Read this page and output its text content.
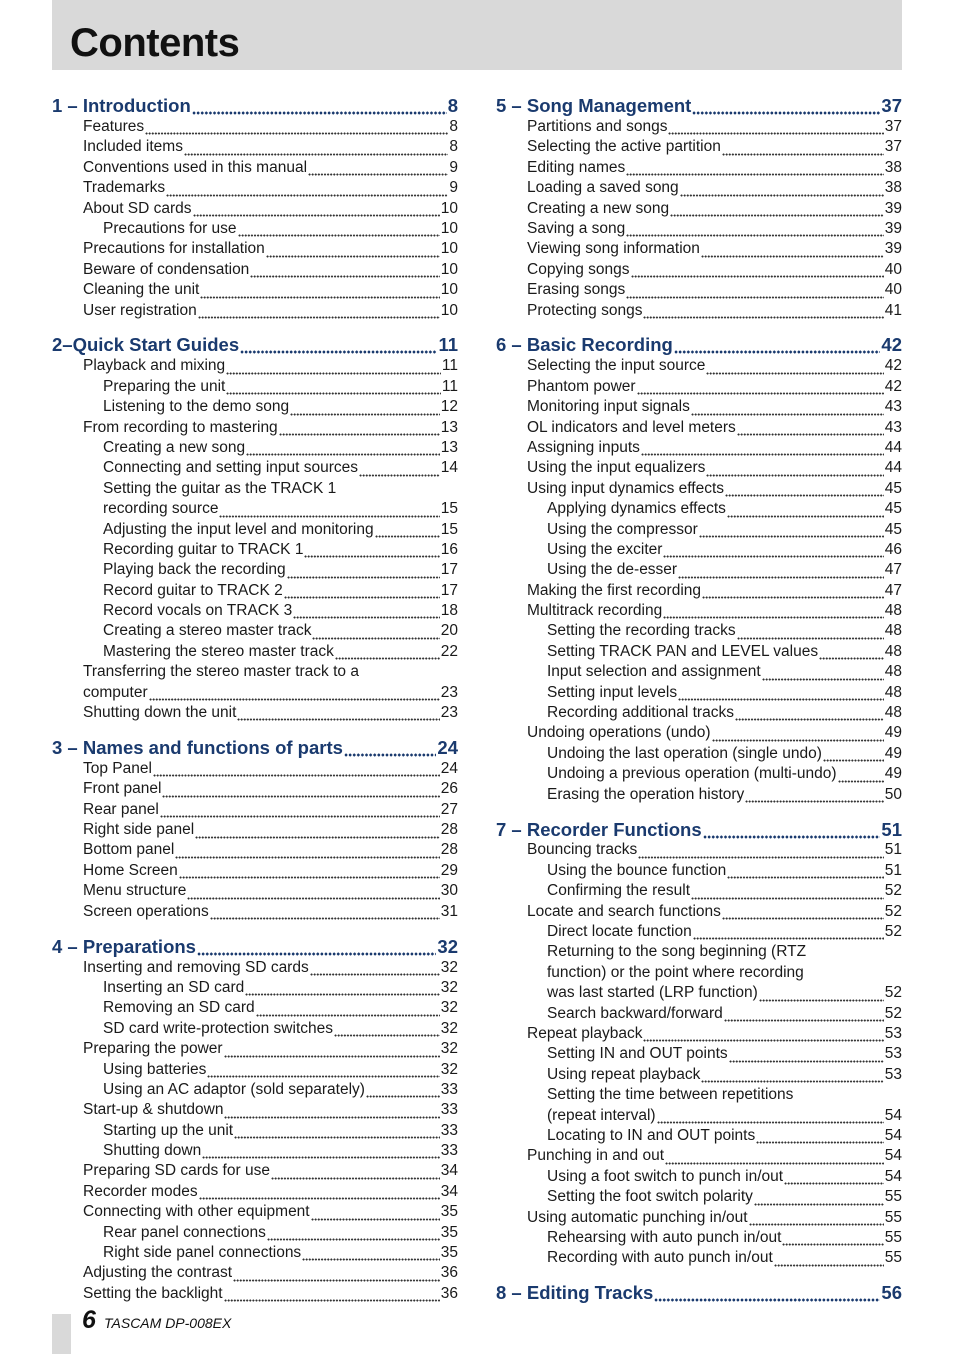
Contents
1 – Introduction	8
Features	8
Included items	8
Conventions used in this manual	9
Trademarks	9
About SD cards	10
Precautions for use	10
Precautions for installation	10
Beware of condensation	10
Cleaning the unit	10
User registration	10
2–Quick Start Guides	11
Playback and mixing	11
Preparing the unit	11
Listening to the demo song	12
From recording to mastering	13
Creating a new song	13
Connecting and setting input sources	14
Setting the guitar as the TRACK 1
recording source	15
Adjusting the input level and monitoring	15
Recording guitar to TRACK 1	16
Playing back the recording	17
Record guitar to TRACK 2	17
Record vocals on TRACK 3	18
Creating a stereo master track	20
Mastering the stereo master track	22
Transferring the stereo master track to a
computer	23
Shutting down the unit	23
3 – Names and functions of parts	24
Top Panel	24
Front panel	26
Rear panel	27
Right side panel	28
Bottom panel	28
Home Screen	29
Menu structure	30
Screen operations	31
4 – Preparations	32
Inserting and removing SD cards	32
Inserting an SD card	32
Removing an SD card	32
SD card write-protection switches	32
Preparing the power	32
Using batteries	32
Using an AC adaptor (sold separately)	33
Start-up & shutdown	33
Starting up the unit	33
Shutting down	33
Preparing SD cards for use	34
Recorder modes	34
Connecting with other equipment	35
Rear panel connections	35
Right side panel connections	35
Adjusting the contrast	36
Setting the backlight	36
5 – Song Management	37
Partitions and songs	37
Selecting the active partition	37
Editing names	38
Loading a saved song	38
Creating a new song	39
Saving a song	39
Viewing song information	39
Copying songs	40
Erasing songs	40
Protecting songs	41
6 – Basic Recording	42
Selecting the input source	42
Phantom power	42
Monitoring input signals	43
OL indicators and level meters	43
Assigning inputs	44
Using the input equalizers	44
Using input dynamics effects	45
Applying dynamics effects	45
Using the compressor	45
Using the exciter	46
Using the de-esser	47
Making the first recording	47
Multitrack recording	48
Setting the recording tracks	48
Setting TRACK PAN and LEVEL values	48
Input selection and assignment	48
Setting input levels	48
Recording additional tracks	48
Undoing operations (undo)	49
Undoing the last operation (single undo)	49
Undoing a previous operation (multi-undo)	49
Erasing the operation history	50
7 – Recorder Functions	51
Bouncing tracks	51
Using the bounce function	51
Confirming the result	52
Locate and search functions	52
Direct locate function	52
Returning to the song beginning (RTZ
function) or the point where recording
was last started (LRP function)	52
Search backward/forward	52
Repeat playback	53
Setting IN and OUT points	53
Using repeat playback	53
Setting the time between repetitions
(repeat interval)	54
Locating to IN and OUT points	54
Punching in and out	54
Using a foot switch to punch in/out	54
Setting the foot switch polarity	55
Using automatic punching in/out	55
Rehearsing with auto punch in/out	55
Recording with auto punch in/out	55
8 – Editing Tracks	56
6 TASCAM DP-008EX
